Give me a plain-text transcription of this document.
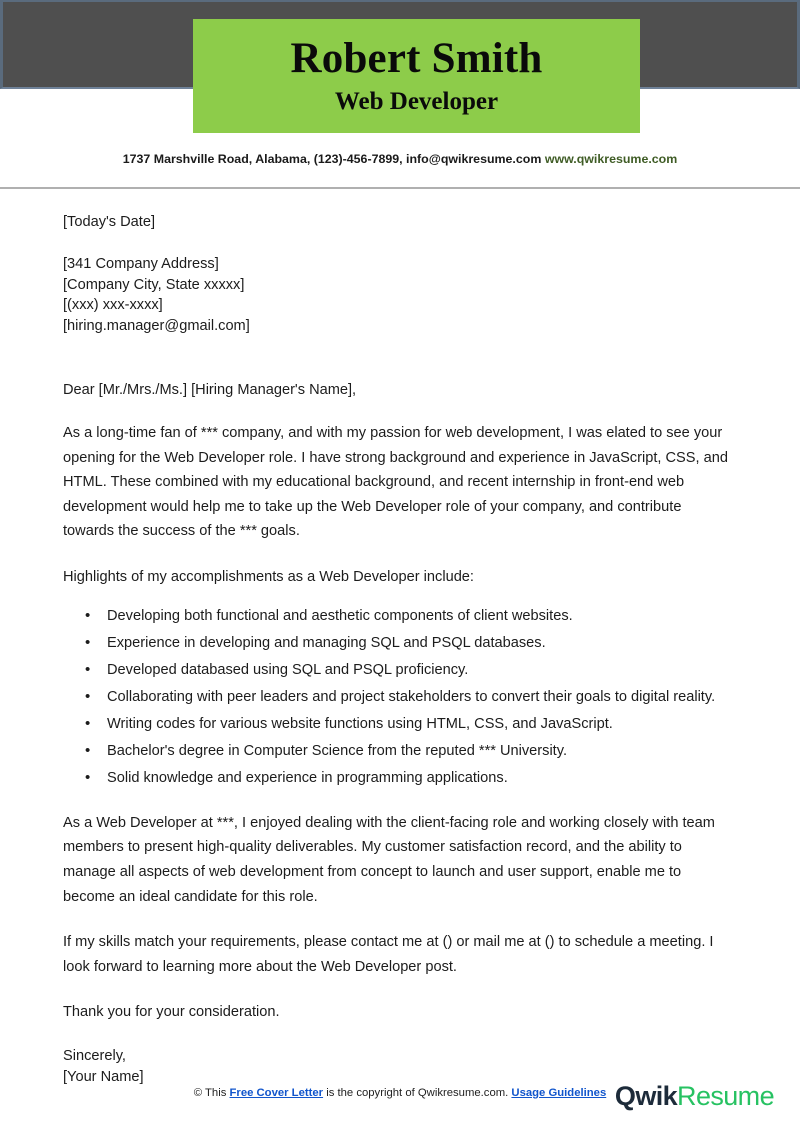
Robert Smith
Web Developer
1737 Marshville Road, Alabama, (123)-456-7899, info@qwikresume.com www.qwikresume.com
[Today's Date]
[341 Company Address]
[Company City, State xxxxx]
[(xxx) xxx-xxxx]
[hiring.manager@gmail.com]
Dear [Mr./Mrs./Ms.] [Hiring Manager's Name],

As a long-time fan of *** company, and with my passion for web development, I was elated to see your opening for the Web Developer role. I have strong background and experience in JavaScript, CSS, and HTML. These combined with my educational background, and recent internship in front-end web development would help me to take up the Web Developer role of your company, and contribute towards the success of the *** goals.

Highlights of my accomplishments as a Web Developer include:
• Developing both functional and aesthetic components of client websites.
• Experience in developing and managing SQL and PSQL databases.
• Developed databased using SQL and PSQL proficiency.
• Collaborating with peer leaders and project stakeholders to convert their goals to digital reality.
• Writing codes for various website functions using HTML, CSS, and JavaScript.
• Bachelor's degree in Computer Science from the reputed *** University.
• Solid knowledge and experience in programming applications.

As a Web Developer at ***, I enjoyed dealing with the client-facing role and working closely with team members to present high-quality deliverables. My customer satisfaction record, and the ability to manage all aspects of web development from concept to launch and user support, enable me to become an ideal candidate for this role.

If my skills match your requirements, please contact me at () or mail me at () to schedule a meeting. I look forward to learning more about the Web Developer post.

Thank you for your consideration.
Sincerely,
[Your Name]
© This Free Cover Letter is the copyright of Qwikresume.com. Usage Guidelines QwikResume
